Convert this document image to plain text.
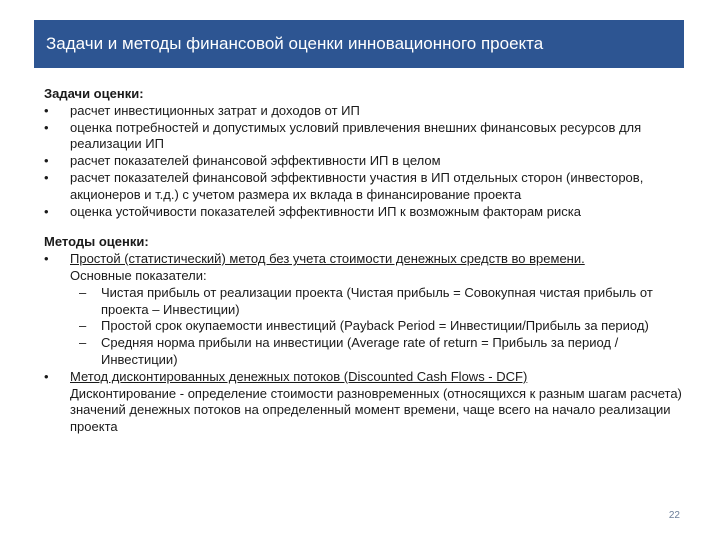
Задачи и методы финансовой оценки инновационного проекта
Задачи оценки:
• расчет инвестиционных затрат и доходов от ИП
• оценка потребностей и допустимых условий привлечения внешних финансовых ресурсов для реализации ИП
• расчет показателей финансовой эффективности ИП в целом
• расчет показателей финансовой эффективности участия в ИП отдельных сторон (инвесторов, акционеров и т.д.) с учетом размера их вклада в финансирование проекта
• оценка устойчивости показателей эффективности ИП к возможным факторам риска
Методы оценки:
• Простой (статистический) метод без учета стоимости денежных средств во времени.
Основные показатели:
– Чистая прибыль от реализации проекта (Чистая прибыль = Совокупная чистая прибыль от проекта – Инвестиции)
– Простой срок окупаемости инвестиций (Payback Period = Инвестиции/Прибыль за период)
– Средняя норма прибыли на инвестиции (Average rate of return = Прибыль за период /Инвестиции)
• Метод дисконтированных денежных потоков (Discounted Cash Flows - DCF)
Дисконтирование - определение стоимости разновременных (относящихся к разным шагам расчета) значений денежных потоков на определенный момент времени, чаще всего на начало реализации проекта
22
